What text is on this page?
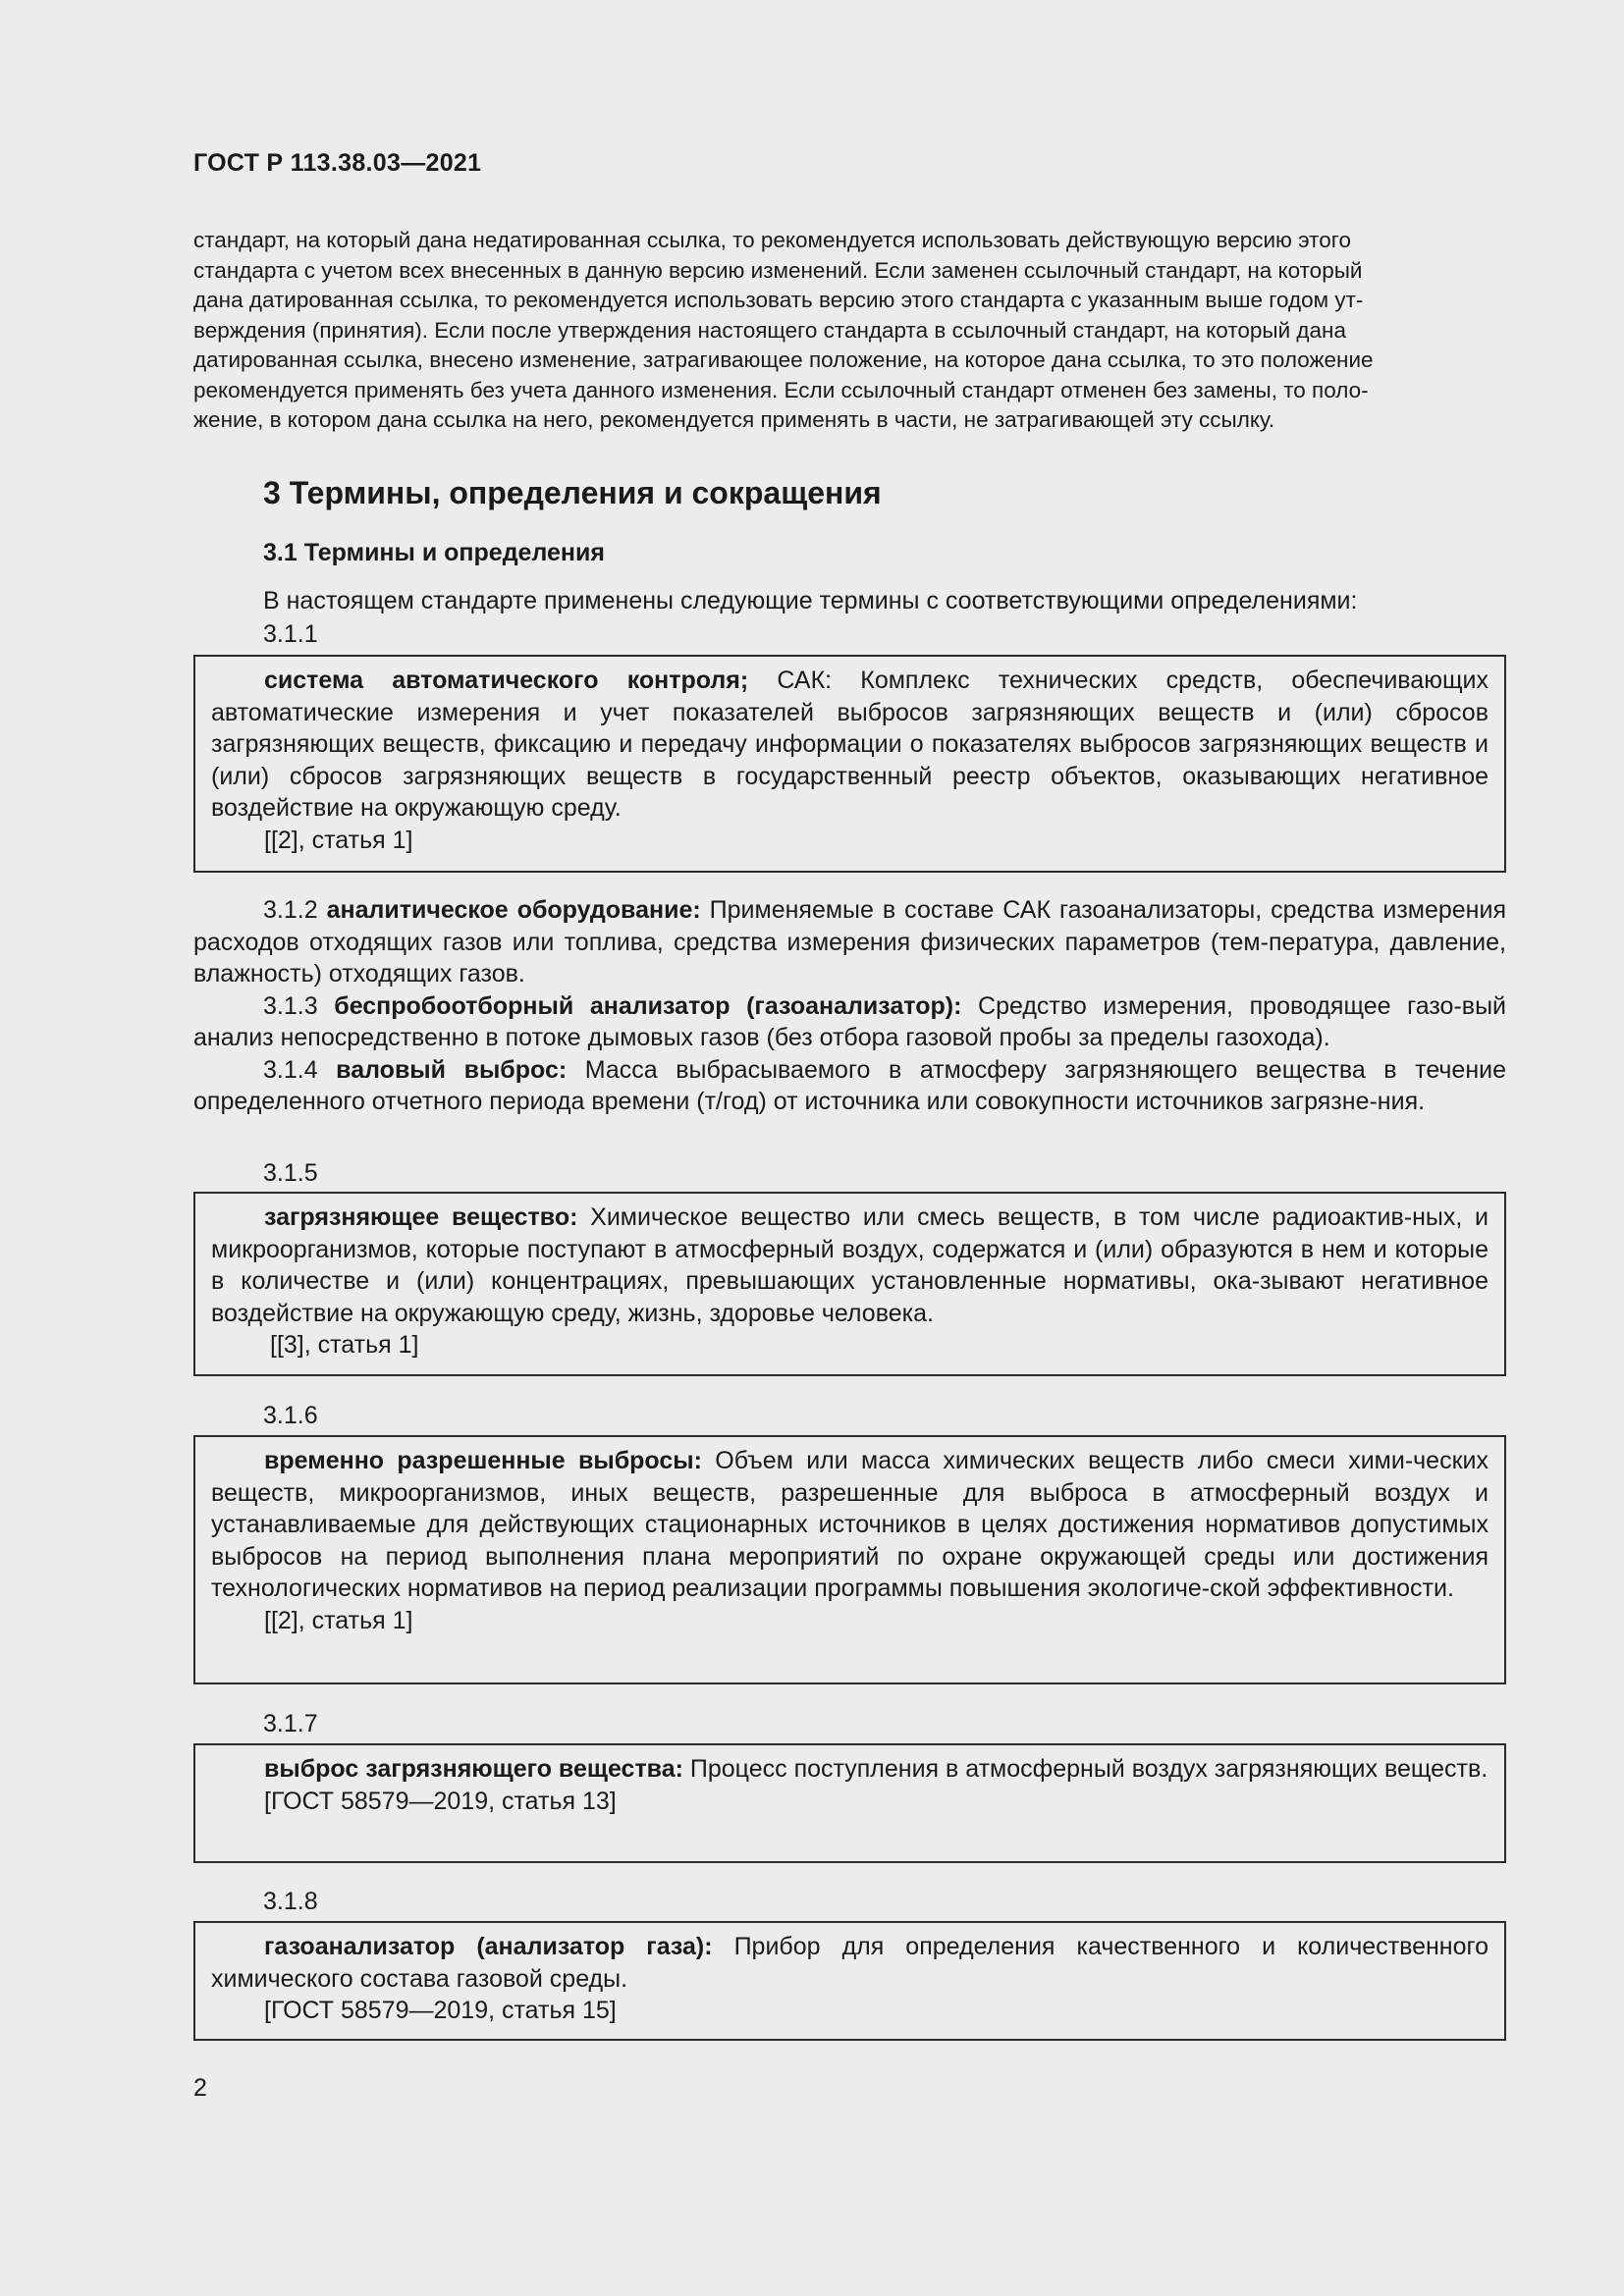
ГОСТ Р 113.38.03—2021

стандарт, на который дана недатированная ссылка, то рекомендуется использовать действующую версию этого

стандарта с учетом всех внесенных в данную версию изменений. Если заменен ссылочный стандарт, на который

дана датированная ссылка, то рекомендуется использовать версию этого стандарта с указанным выше годом ут-

верждения (принятия). Если после утверждения настоящего стандарта в ссылочный стандарт, на который дана

датированная ссылка, внесено изменение, затрагивающее положение, на которое дана ссылка, то это положение

рекомендуется применять без учета данного изменения. Если ссылочный стандарт отменен без замены, то поло-

жение, в котором дана ссылка на него, рекомендуется применять в части, не затрагивающей эту ссылку.

3 Термины, определения и сокращения
3.1 Термины и определения
В настоящем стандарте применены следующие термины с соответствующими определениями:
3.1.1

система автоматического контроля; САК: Комплекс технических средств, обеспечивающих автоматические измерения и учет показателей выбросов загрязняющих веществ и (или) сбросов загрязняющих веществ, фиксацию и передачу информации о показателях выбросов загрязняющих веществ и (или) сбросов загрязняющих веществ в государственный реестр объектов, оказывающих негативное воздействие на окружающую среду.

[[2], статья 1]

3.1.2 аналитическое оборудование: Применяемые в составе САК газоанализаторы, средства измерения расходов отходящих газов или топлива, средства измерения физических параметров (тем-пература, давление, влажность) отходящих газов.

3.1.3 беспробоотборный анализатор (газоанализатор): Средство измерения, проводящее газо-вый анализ непосредственно в потоке дымовых газов (без отбора газовой пробы за пределы газохода).

3.1.4 валовый выброс: Масса выбрасываемого в атмосферу загрязняющего вещества в течение определенного отчетного периода времени (т/год) от источника или совокупности источников загрязне-ния.

3.1.5

загрязняющее вещество: Химическое вещество или смесь веществ, в том числе радиоактив-ных, и микроорганизмов, которые поступают в атмосферный воздух, содержатся и (или) образуются в нем и которые в количестве и (или) концентрациях, превышающих установленные нормативы, ока-зывают негативное воздействие на окружающую среду, жизнь, здоровье человека.

[[3], статья 1]
3.1.6

временно разрешенные выбросы: Объем или масса химических веществ либо смеси хими-ческих веществ, микроорганизмов, иных веществ, разрешенные для выброса в атмосферный воздух и устанавливаемые для действующих стационарных источников в целях достижения нормативов допустимых выбросов на период выполнения плана мероприятий по охране окружающей среды или достижения технологических нормативов на период реализации программы повышения экологиче-ской эффективности.

[[2], статья 1]
3.1.7

выброс загрязняющего вещества: Процесс поступления в атмосферный воздух загрязняющих веществ.

[ГОСТ 58579—2019, статья 13]
3.1.8

газоанализатор (анализатор газа): Прибор для определения качественного и количественного химического состава газовой среды.

[ГОСТ 58579—2019, статья 15]
2
